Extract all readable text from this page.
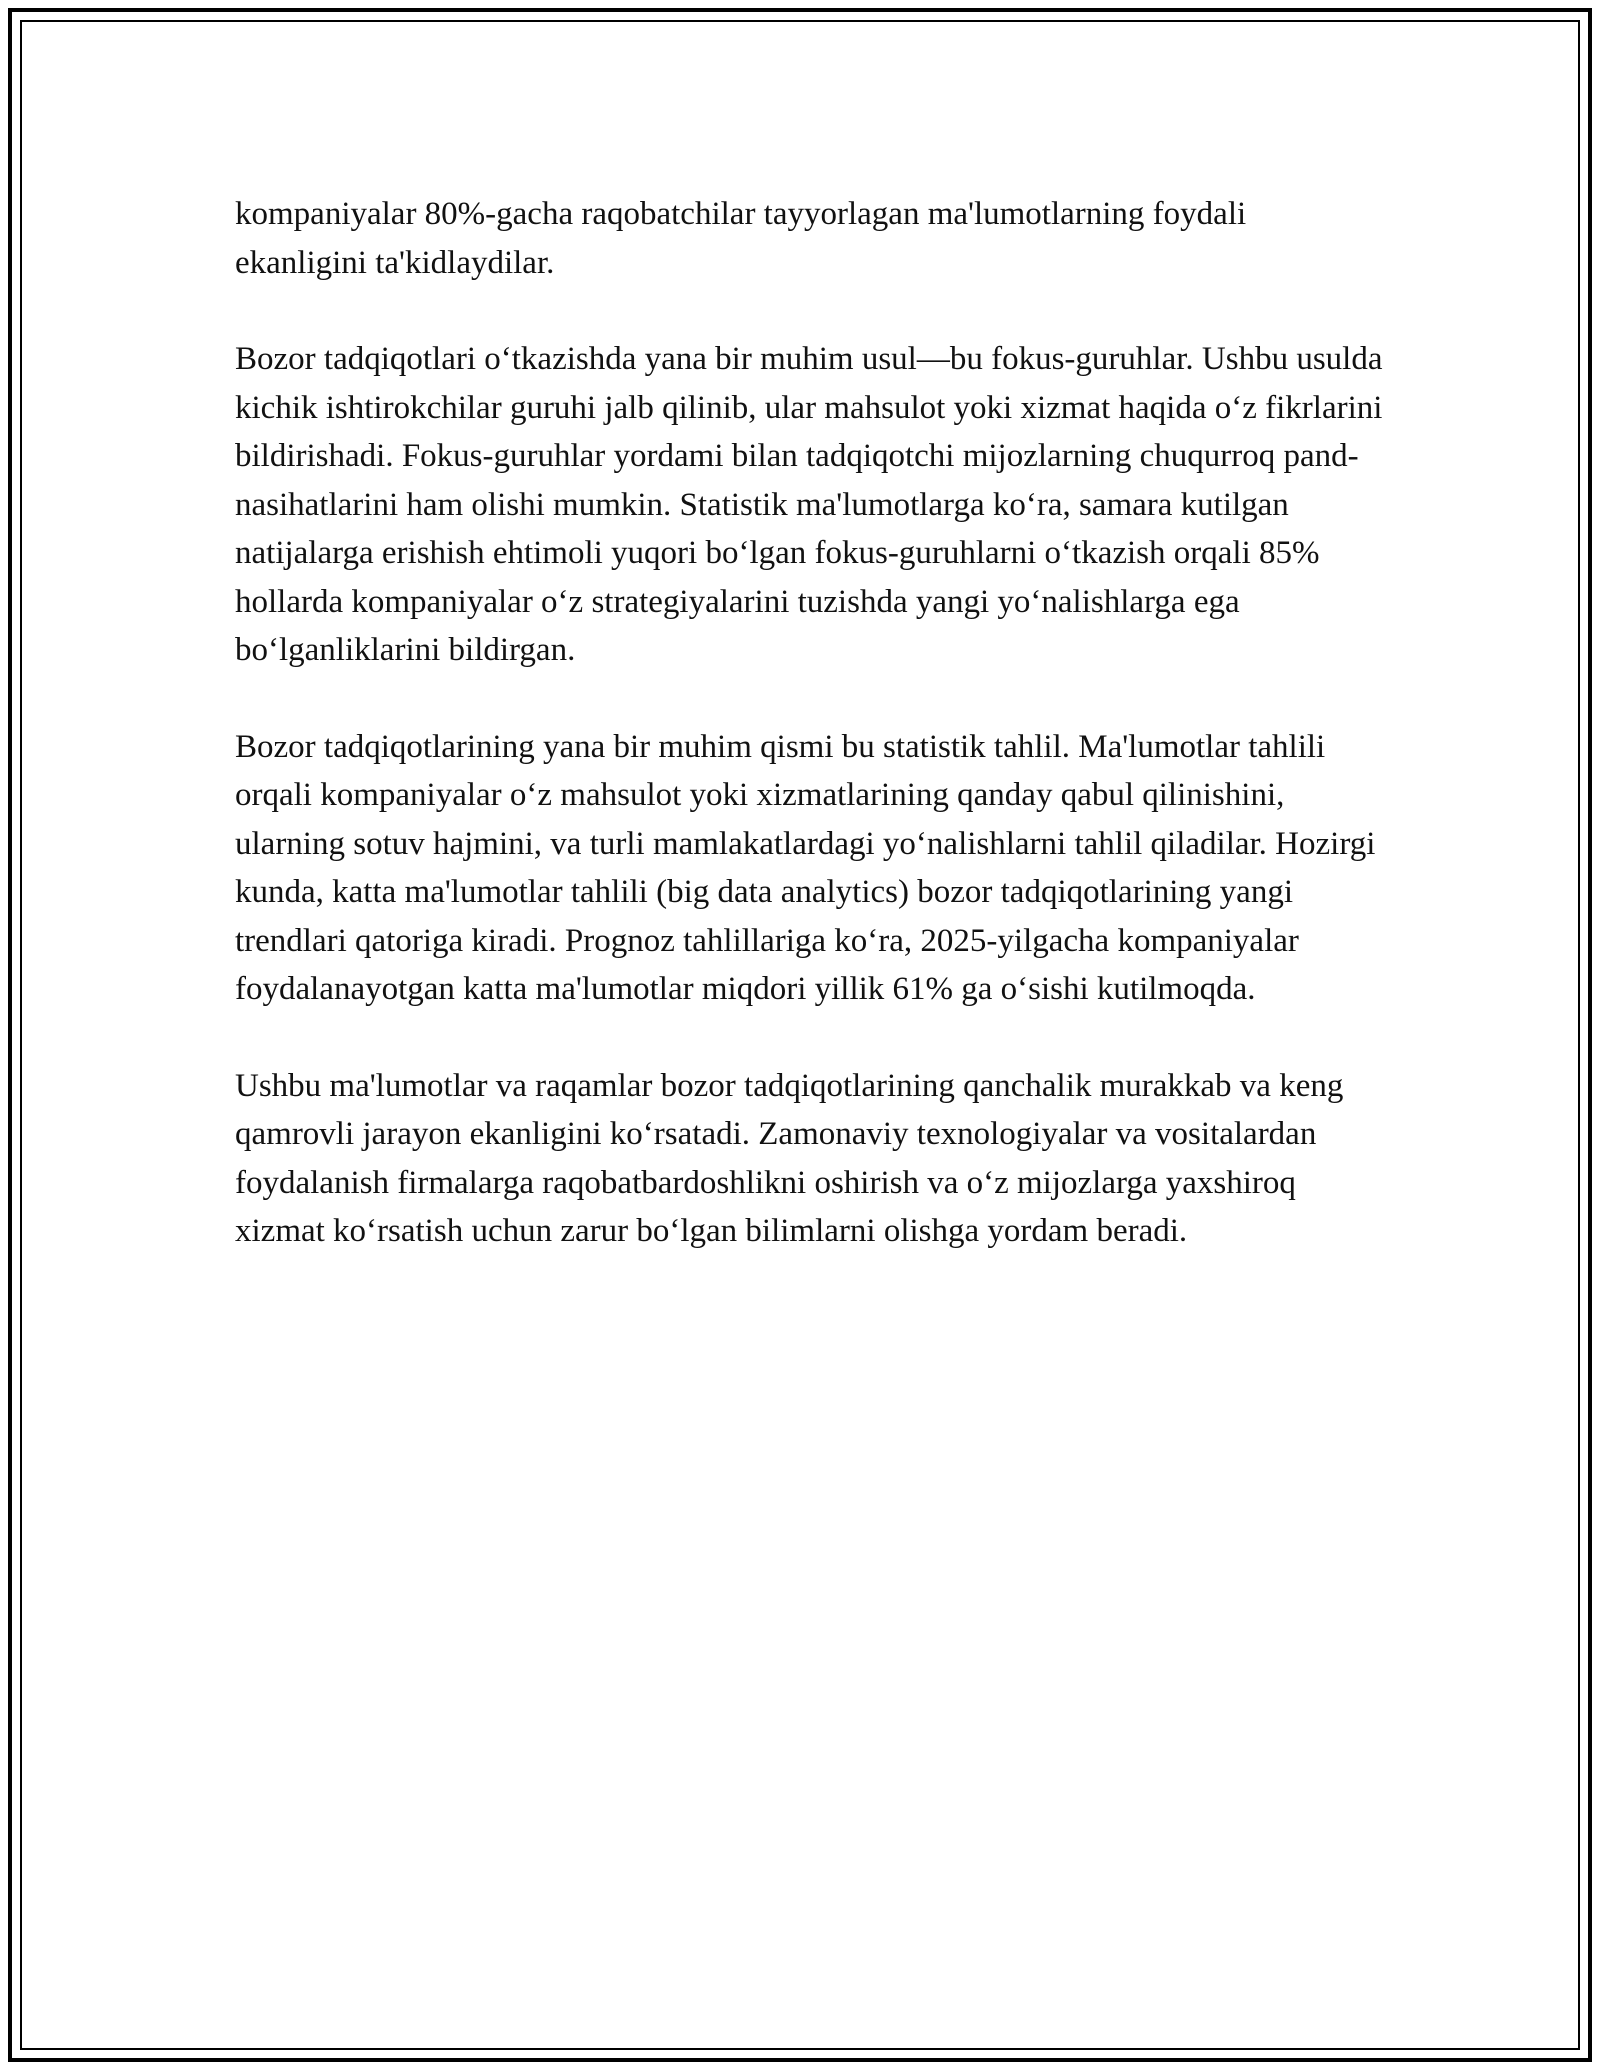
kompaniyalar 80%-gacha raqobatchilar tayyorlagan ma'lumotlarning foydali ekanligini ta'kidlaydilar.

Bozor tadqiqotlari oʻtkazishda yana bir muhim usul—bu fokus-guruhlar. Ushbu usulda kichik ishtirokchilar guruhi jalb qilinib, ular mahsulot yoki xizmat haqida oʻz fikrlarini bildirishadi. Fokus-guruhlar yordami bilan tadqiqotchi mijozlarning chuqurroq pand-nasihatlarini ham olishi mumkin. Statistik ma'lumotlarga koʻra, samara kutilgan natijalarga erishish ehtimoli yuqori boʻlgan fokus-guruhlarni oʻtkazish orqali 85% hollarda kompaniyalar oʻz strategiyalarini tuzishda yangi yoʻnalishlarga ega boʻlganliklarini bildirgan.

Bozor tadqiqotlarining yana bir muhim qismi bu statistik tahlil. Ma'lumotlar tahlili orqali kompaniyalar oʻz mahsulot yoki xizmatlarining qanday qabul qilinishini, ularning sotuv hajmini, va turli mamlakatlardagi yoʻnalishlarni tahlil qiladilar. Hozirgi kunda, katta ma'lumotlar tahlili (big data analytics) bozor tadqiqotlarining yangi trendlari qatoriga kiradi. Prognoz tahlillariga koʻra, 2025-yilgacha kompaniyalar foydalanayotgan katta ma'lumotlar miqdori yillik 61% ga oʻsishi kutilmoqda.

Ushbu ma'lumotlar va raqamlar bozor tadqiqotlarining qanchalik murakkab va keng qamrovli jarayon ekanligini koʻrsatadi. Zamonaviy texnologiyalar va vositalardan foydalanish firmalarga raqobatbardoshlikni oshirish va oʻz mijozlarga yaxshiroq xizmat koʻrsatish uchun zarur boʻlgan bilimlarni olishga yordam beradi.
